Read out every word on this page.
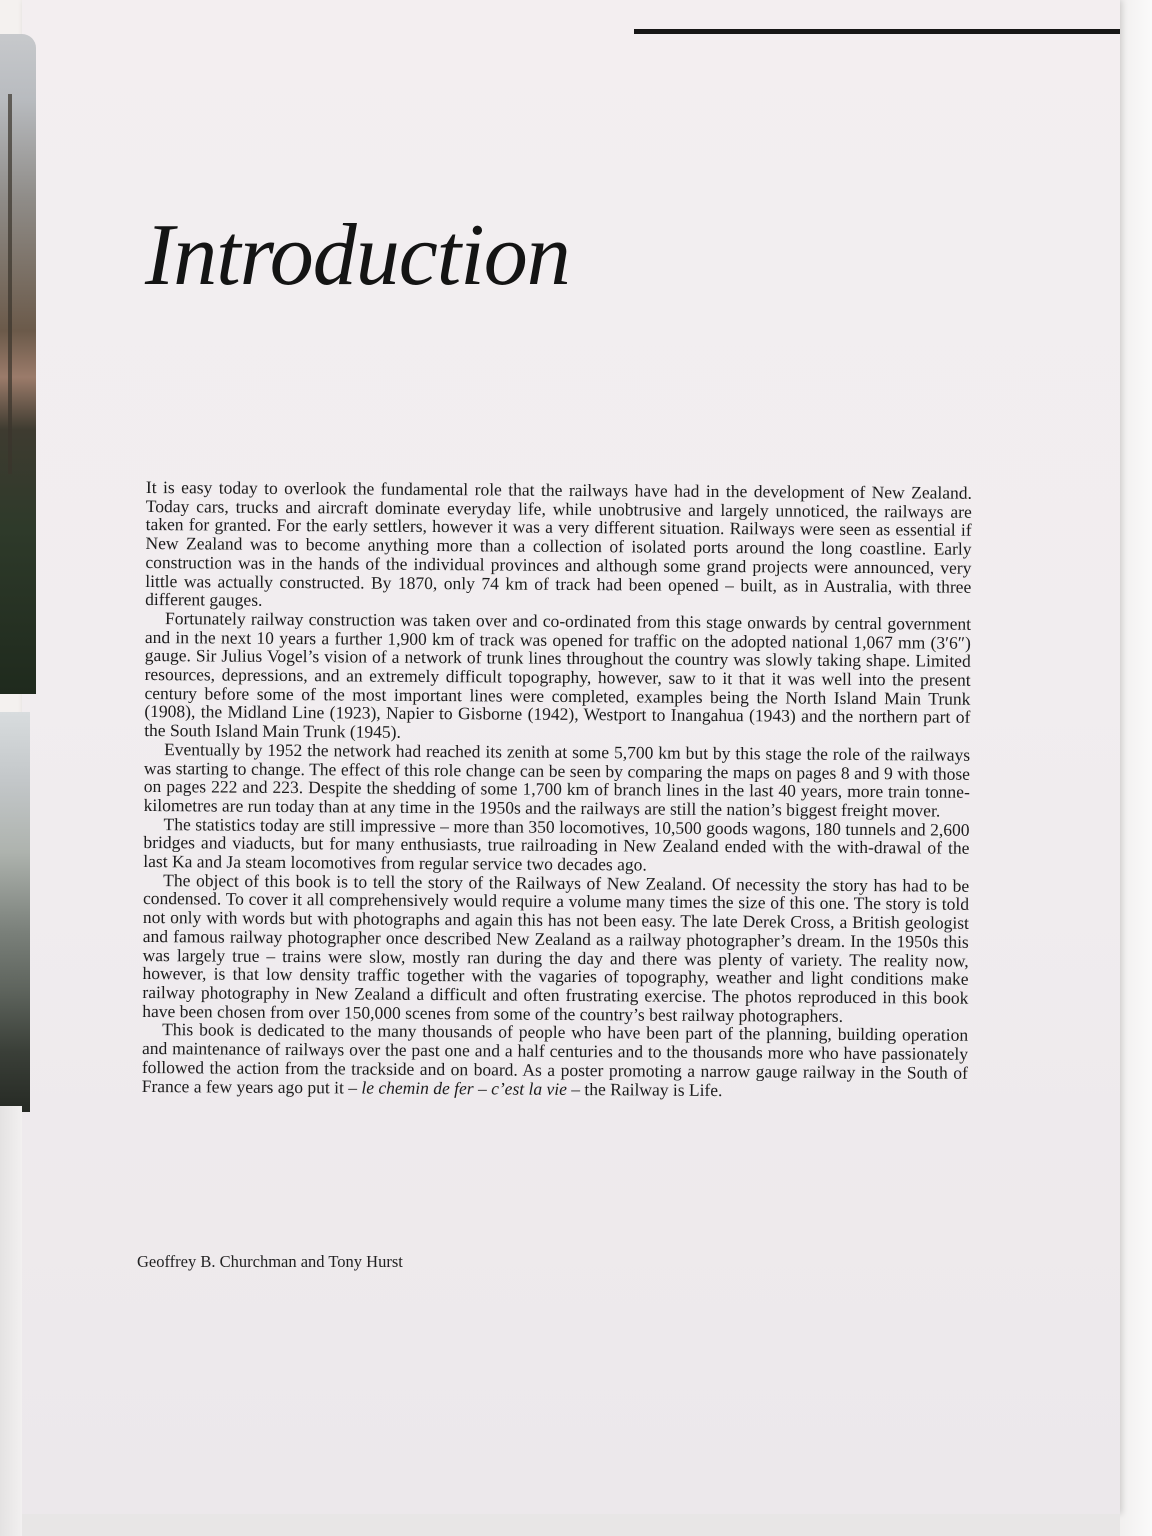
Introduction

It is easy today to overlook the fundamental role that the railways have had in the development of New Zealand. Today cars, trucks and aircraft dominate everyday life, while unobtrusive and largely unnoticed, the railways are taken for granted. For the early settlers, however it was a very different situation. Railways were seen as essential if New Zealand was to become anything more than a collection of isolated ports around the long coastline. Early construction was in the hands of the individual provinces and although some grand projects were announced, very little was actually constructed. By 1870, only 74 km of track had been opened – built, as in Australia, with three different gauges.

Fortunately railway construction was taken over and co-ordinated from this stage onwards by central government and in the next 10 years a further 1,900 km of track was opened for traffic on the adopted national 1,067 mm (3′6″) gauge. Sir Julius Vogel’s vision of a network of trunk lines throughout the country was slowly taking shape. Limited resources, depressions, and an extremely difficult topography, however, saw to it that it was well into the present century before some of the most important lines were completed, examples being the North Island Main Trunk (1908), the Midland Line (1923), Napier to Gisborne (1942), Westport to Inangahua (1943) and the northern part of the South Island Main Trunk (1945).

Eventually by 1952 the network had reached its zenith at some 5,700 km but by this stage the role of the railways was starting to change. The effect of this role change can be seen by comparing the maps on pages 8 and 9 with those on pages 222 and 223. Despite the shedding of some 1,700 km of branch lines in the last 40 years, more train tonne-kilometres are run today than at any time in the 1950s and the railways are still the nation’s biggest freight mover.

The statistics today are still impressive – more than 350 locomotives, 10,500 goods wagons, 180 tunnels and 2,600 bridges and viaducts, but for many enthusiasts, true railroading in New Zealand ended with the with-drawal of the last Ka and Ja steam locomotives from regular service two decades ago.

The object of this book is to tell the story of the Railways of New Zealand. Of necessity the story has had to be condensed. To cover it all comprehensively would require a volume many times the size of this one. The story is told not only with words but with photographs and again this has not been easy. The late Derek Cross, a British geologist and famous railway photographer once described New Zealand as a railway photographer’s dream. In the 1950s this was largely true – trains were slow, mostly ran during the day and there was plenty of variety. The reality now, however, is that low density traffic together with the vagaries of topography, weather and light conditions make railway photography in New Zealand a difficult and often frustrating exercise. The photos reproduced in this book have been chosen from over 150,000 scenes from some of the country’s best railway photographers.

This book is dedicated to the many thousands of people who have been part of the planning, building operation and maintenance of railways over the past one and a half centuries and to the thousands more who have passionately followed the action from the trackside and on board. As a poster promoting a narrow gauge railway in the South of France a few years ago put it – le chemin de fer – c’est la vie – the Railway is Life.

Geoffrey B. Churchman and Tony Hurst
